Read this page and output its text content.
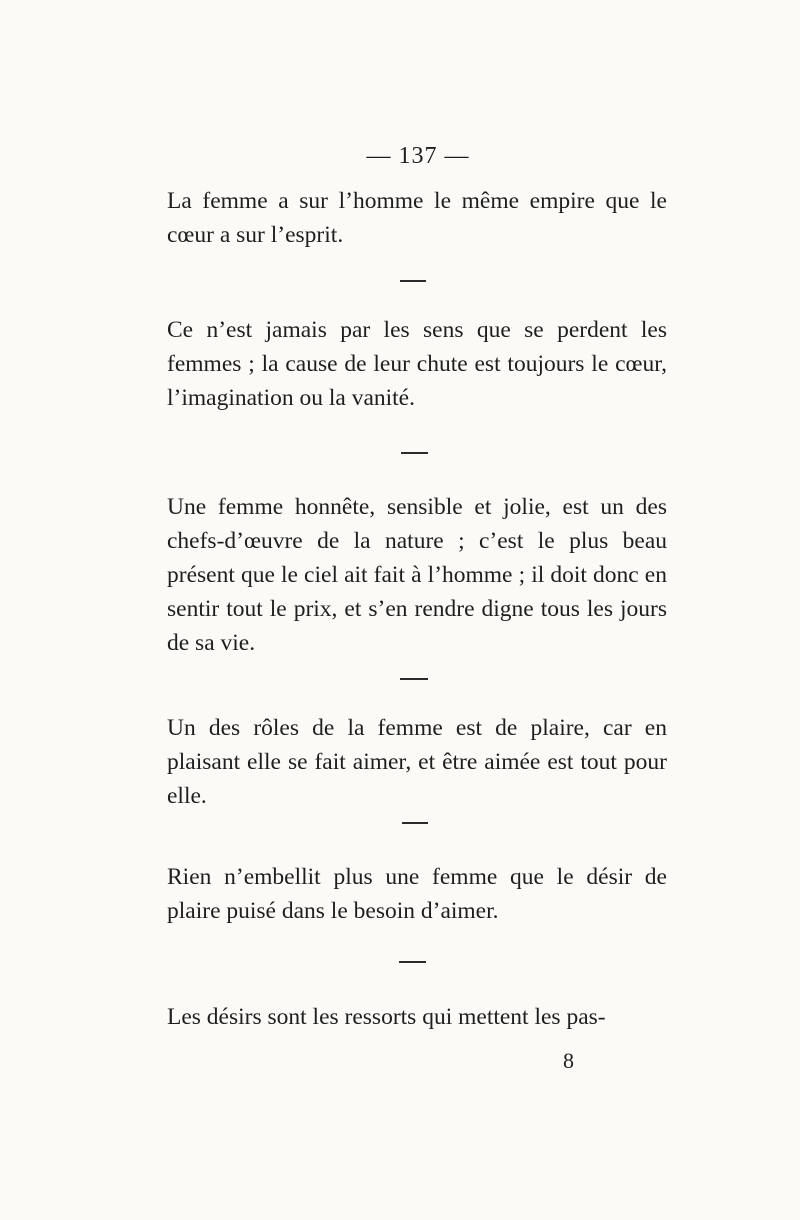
— 137 —

La femme a sur l’homme le même empire que le cœur a sur l’esprit.

Ce n’est jamais par les sens que se perdent les femmes ; la cause de leur chute est toujours le cœur, l’imagination ou la vanité.

Une femme honnête, sensible et jolie, est un des chefs-d’œuvre de la nature ; c’est le plus beau présent que le ciel ait fait à l’homme ; il doit donc en sentir tout le prix, et s’en rendre digne tous les jours de sa vie.

Un des rôles de la femme est de plaire, car en plaisant elle se fait aimer, et être aimée est tout pour elle.

Rien n’embellit plus une femme que le désir de plaire puisé dans le besoin d’aimer.

Les désirs sont les ressorts qui mettent les pas-

8
